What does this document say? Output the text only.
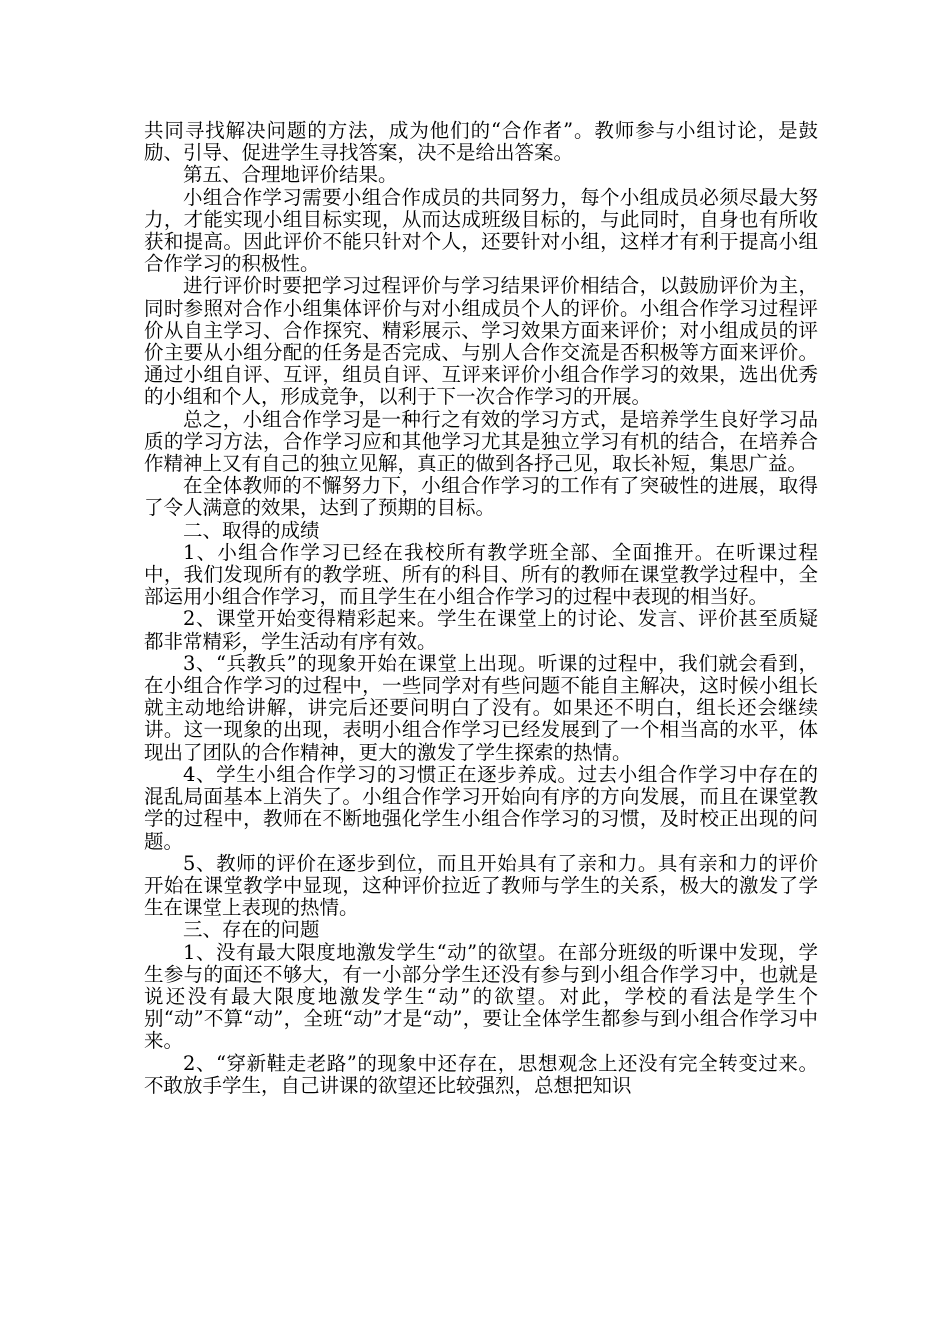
共同寻找解决问题的方法，成为他们的“合作者”。教师参与小组讨论，是鼓励、引导、促进学生寻找答案，决不是给出答案。

第五、合理地评价结果。

小组合作学习需要小组合作成员的共同努力，每个小组成员必须尽最大努力，才能实现小组目标实现，从而达成班级目标的，与此同时，自身也有所收获和提高。因此评价不能只针对个人，还要针对小组，这样才有利于提高小组合作学习的积极性。

进行评价时要把学习过程评价与学习结果评价相结合，以鼓励评价为主，同时参照对合作小组集体评价与对小组成员个人的评价。小组合作学习过程评价从自主学习、合作探究、精彩展示、学习效果方面来评价；对小组成员的评价主要从小组分配的任务是否完成、与别人合作交流是否积极等方面来评价。通过小组自评、互评，组员自评、互评来评价小组合作学习的效果，选出优秀的小组和个人，形成竞争，以利于下一次合作学习的开展。

总之，小组合作学习是一种行之有效的学习方式，是培养学生良好学习品质的学习方法，合作学习应和其他学习尤其是独立学习有机的结合，在培养合作精神上又有自己的独立见解，真正的做到各抒己见，取长补短，集思广益。

在全体教师的不懈努力下，小组合作学习的工作有了突破性的进展，取得了令人满意的效果，达到了预期的目标。

二、取得的成绩

1、小组合作学习已经在我校所有教学班全部、全面推开。在听课过程中，我们发现所有的教学班、所有的科目、所有的教师在课堂教学过程中，全部运用小组合作学习，而且学生在小组合作学习的过程中表现的相当好。

2、课堂开始变得精彩起来。学生在课堂上的讨论、发言、评价甚至质疑都非常精彩，学生活动有序有效。

3、“兵教兵”的现象开始在课堂上出现。听课的过程中，我们就会看到，在小组合作学习的过程中，一些同学对有些问题不能自主解决，这时候小组长就主动地给讲解，讲完后还要问明白了没有。如果还不明白，组长还会继续讲。这一现象的出现，表明小组合作学习已经发展到了一个相当高的水平，体现出了团队的合作精神，更大的激发了学生探索的热情。

4、学生小组合作学习的习惯正在逐步养成。过去小组合作学习中存在的混乱局面基本上消失了。小组合作学习开始向有序的方向发展，而且在课堂教学的过程中，教师在不断地强化学生小组合作学习的习惯，及时校正出现的问题。

5、教师的评价在逐步到位，而且开始具有了亲和力。具有亲和力的评价开始在课堂教学中显现，这种评价拉近了教师与学生的关系，极大的激发了学生在课堂上表现的热情。

三、存在的问题

1、没有最大限度地激发学生“动”的欲望。在部分班级的听课中发现，学生参与的面还不够大，有一小部分学生还没有参与到小组合作学习中，也就是说还没有最大限度地激发学生“动”的欲望。对此，学校的看法是学生个别“动”不算“动”，全班“动”才是“动”，要让全体学生都参与到小组合作学习中来。

2、“穿新鞋走老路”的现象中还存在，思想观念上还没有完全转变过来。不敢放手学生，自己讲课的欲望还比较强烈，总想把知识
